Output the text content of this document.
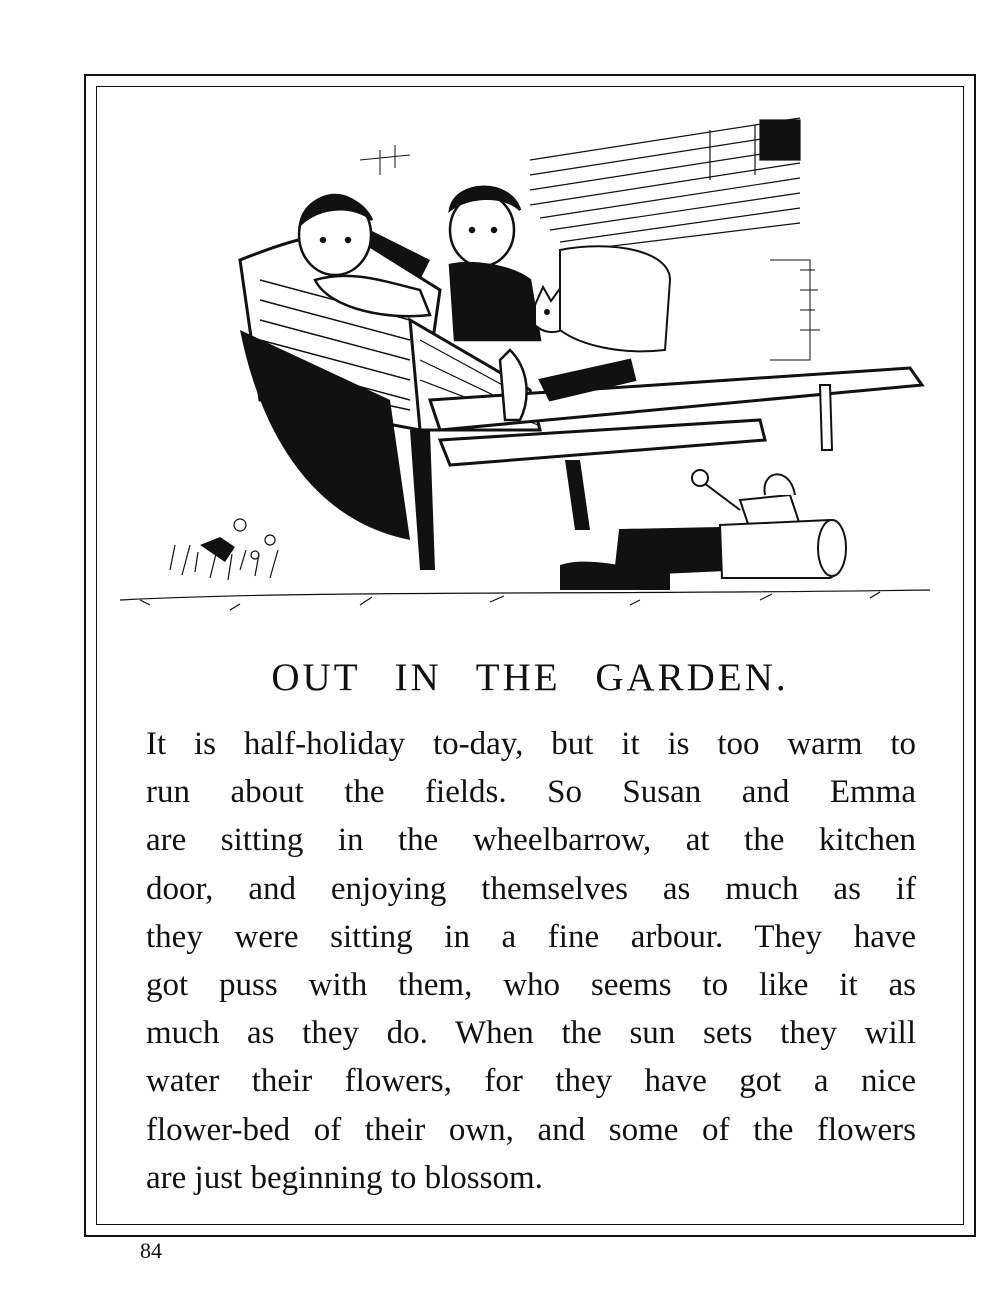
OUT IN THE GARDEN.
It is half-holiday to-day, but it is too warm to
run about the fields. So Susan and Emma
are sitting in the wheelbarrow, at the kitchen
door, and enjoying themselves as much as if
they were sitting in a fine arbour. They have
got puss with them, who seems to like it as
much as they do. When the sun sets they will
water their flowers, for they have got a nice
flower-bed of their own, and some of the flowers
are just beginning to blossom.
84
